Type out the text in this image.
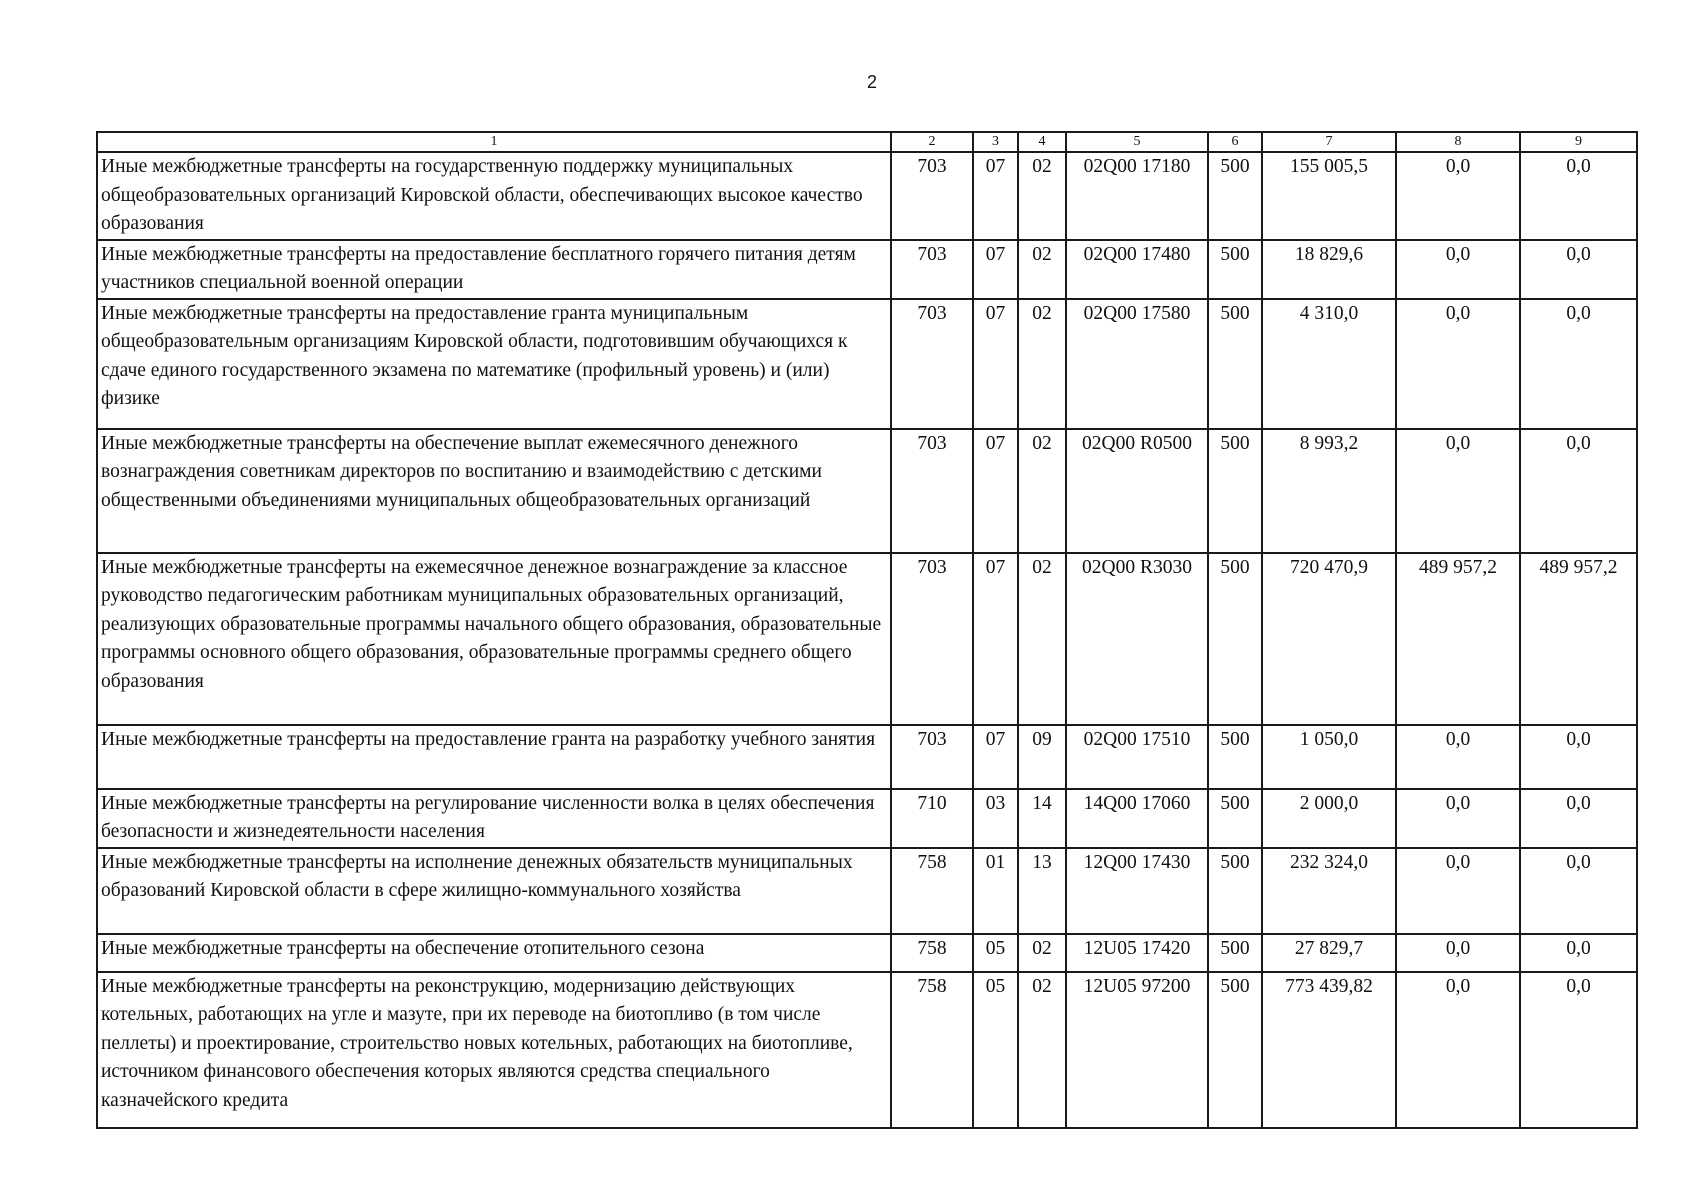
2
1	2	3	4	5	6	7	8	9
Иные межбюджетные трансферты на государственную поддержку муниципальных общеобразовательных организаций Кировской области, обеспечивающих высокое качество образования	703	07	02	02Q00 17180	500	155 005,5	0,0	0,0
Иные межбюджетные трансферты на предоставление бесплатного горячего питания детям участников специальной военной операции	703	07	02	02Q00 17480	500	18 829,6	0,0	0,0
Иные межбюджетные трансферты на предоставление гранта муниципальным общеобразовательным организациям Кировской области, подготовившим обучающихся к сдаче единого государственного экзамена по математике (профильный уровень) и (или) физике	703	07	02	02Q00 17580	500	4 310,0	0,0	0,0
Иные межбюджетные трансферты на обеспечение выплат ежемесячного денежного вознаграждения советникам директоров по воспитанию и взаимодействию с детскими общественными объединениями муниципальных общеобразовательных организаций	703	07	02	02Q00 R0500	500	8 993,2	0,0	0,0
Иные межбюджетные трансферты на ежемесячное денежное вознаграждение за классное руководство педагогическим работникам муниципальных образовательных организаций, реализующих образовательные программы начального общего образования, образовательные программы основного общего образования, образовательные программы среднего общего образования	703	07	02	02Q00 R3030	500	720 470,9	489 957,2	489 957,2
Иные межбюджетные трансферты на предоставление гранта на разработку учебного занятия	703	07	09	02Q00 17510	500	1 050,0	0,0	0,0
Иные межбюджетные трансферты на регулирование численности волка в целях обеспечения безопасности и жизнедеятельности населения	710	03	14	14Q00 17060	500	2 000,0	0,0	0,0
Иные межбюджетные трансферты на исполнение денежных обязательств муниципальных образований Кировской области в сфере жилищно-коммунального хозяйства	758	01	13	12Q00 17430	500	232 324,0	0,0	0,0
Иные межбюджетные трансферты на обеспечение отопительного сезона	758	05	02	12U05 17420	500	27 829,7	0,0	0,0
Иные межбюджетные трансферты на реконструкцию, модернизацию действующих котельных, работающих на угле и мазуте, при их переводе на биотопливо (в том числе пеллеты) и проектирование, строительство новых котельных, работающих на биотопливе, источником финансового обеспечения которых являются средства специального казначейского кредита	758	05	02	12U05 97200	500	773 439,82	0,0	0,0
